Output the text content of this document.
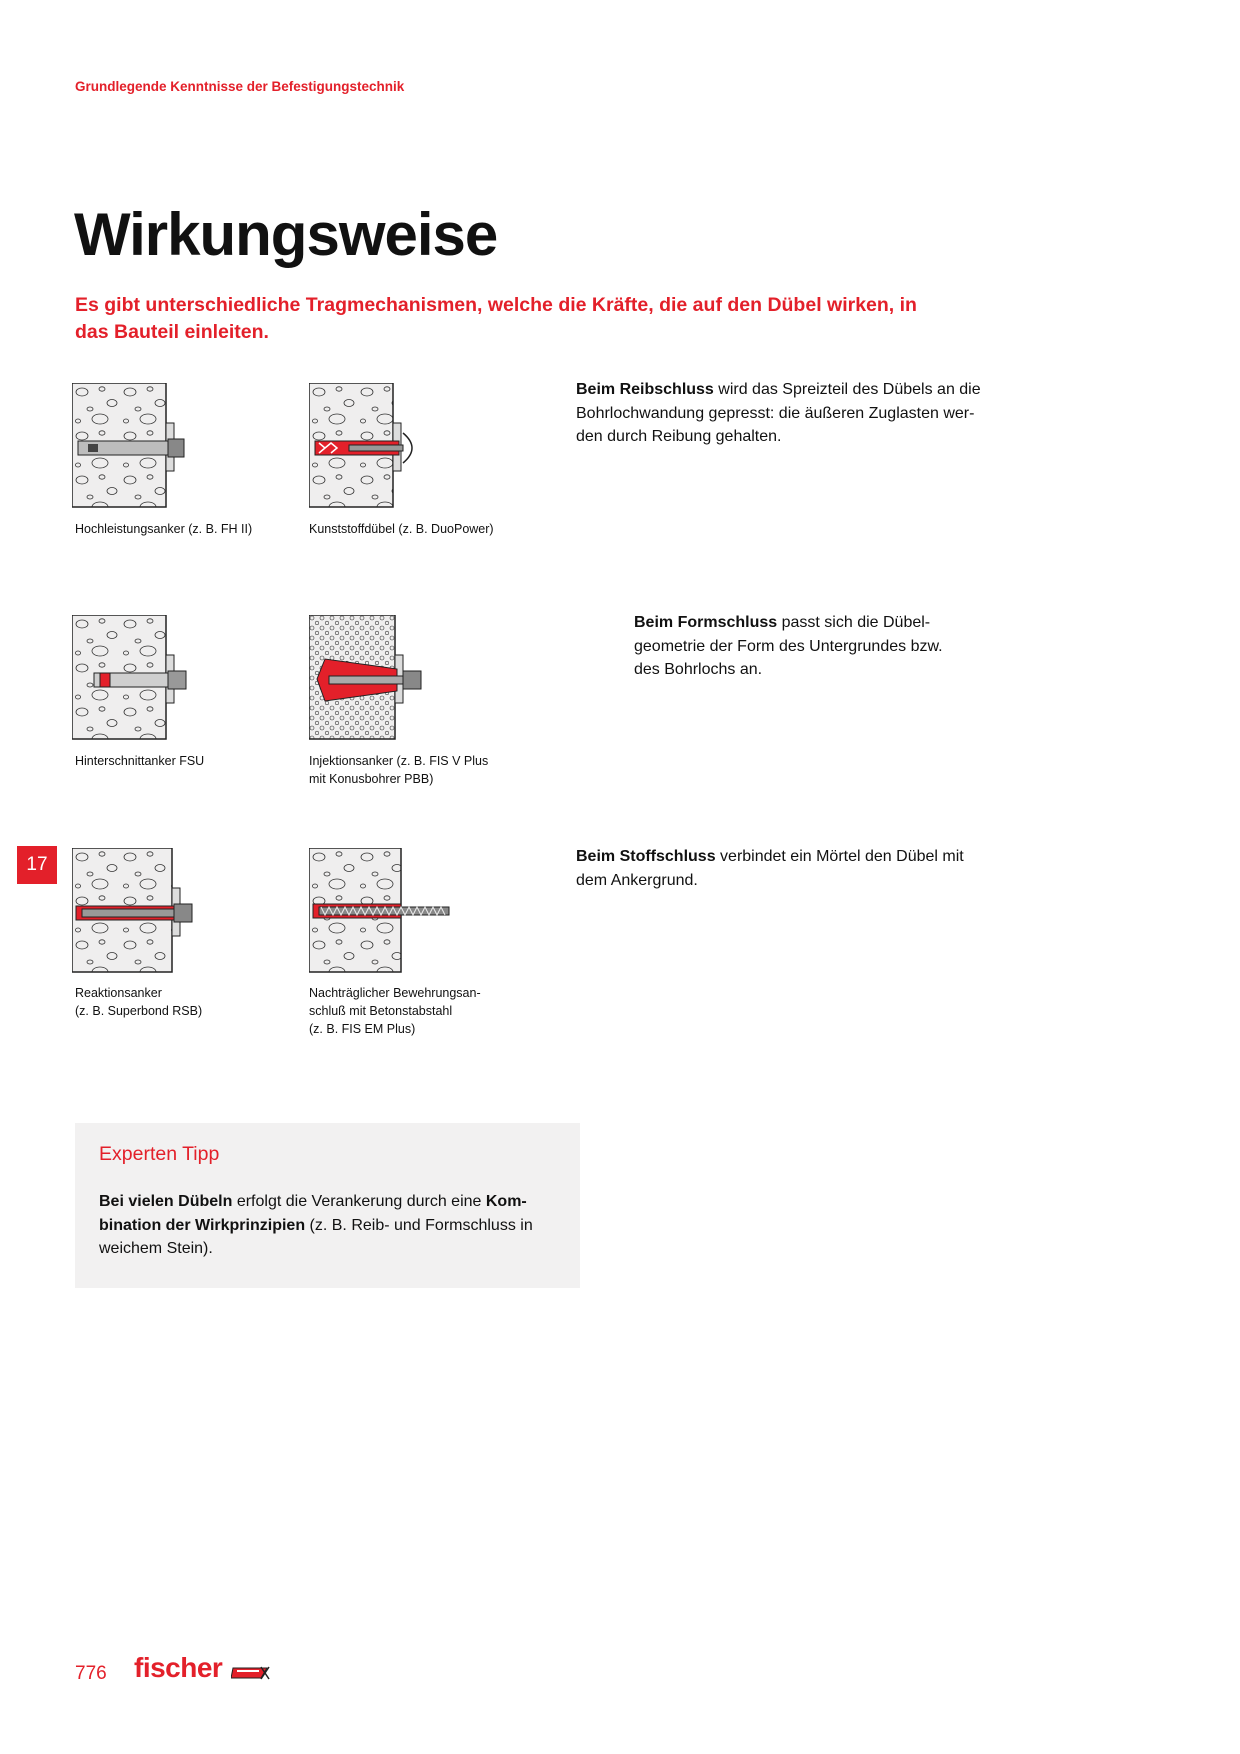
Grundlegende Kenntnisse der Befestigungstechnik
Wirkungsweise
Es gibt unterschiedliche Tragmechanismen, welche die Kräfte, die auf den Dübel wirken, in das Bauteil einleiten.
Hochleistungsanker (z. B. FH II)	Kunststoffdübel (z. B. DuoPower)
Hinterschnittanker FSU	Injektionsanker (z. B. FIS V Plus
mit Konusbohrer PBB)
Reaktionsanker
(z. B. Superbond RSB)
Nachträglicher Bewehrungsan-
schluß mit Betonstabstahl
(z. B. FIS EM Plus)
Beim Reibschluss wird das Spreizteil des Dübels an die
Bohrlochwandung gepresst: die äußeren Zuglasten wer-
den durch Reibung gehalten.
Beim Formschluss passt sich die Dübel-
geometrie der Form des Untergrundes bzw.
des Bohrlochs an.
Beim Stoffschluss verbindet ein Mörtel den Dübel mit
dem Ankergrund.
17
Experten Tipp
Bei vielen Dübeln erfolgt die Verankerung durch eine Kom-
bination der Wirkprinzipien (z. B. Reib- und Formschluss in
weichem Stein).
776 fischer
